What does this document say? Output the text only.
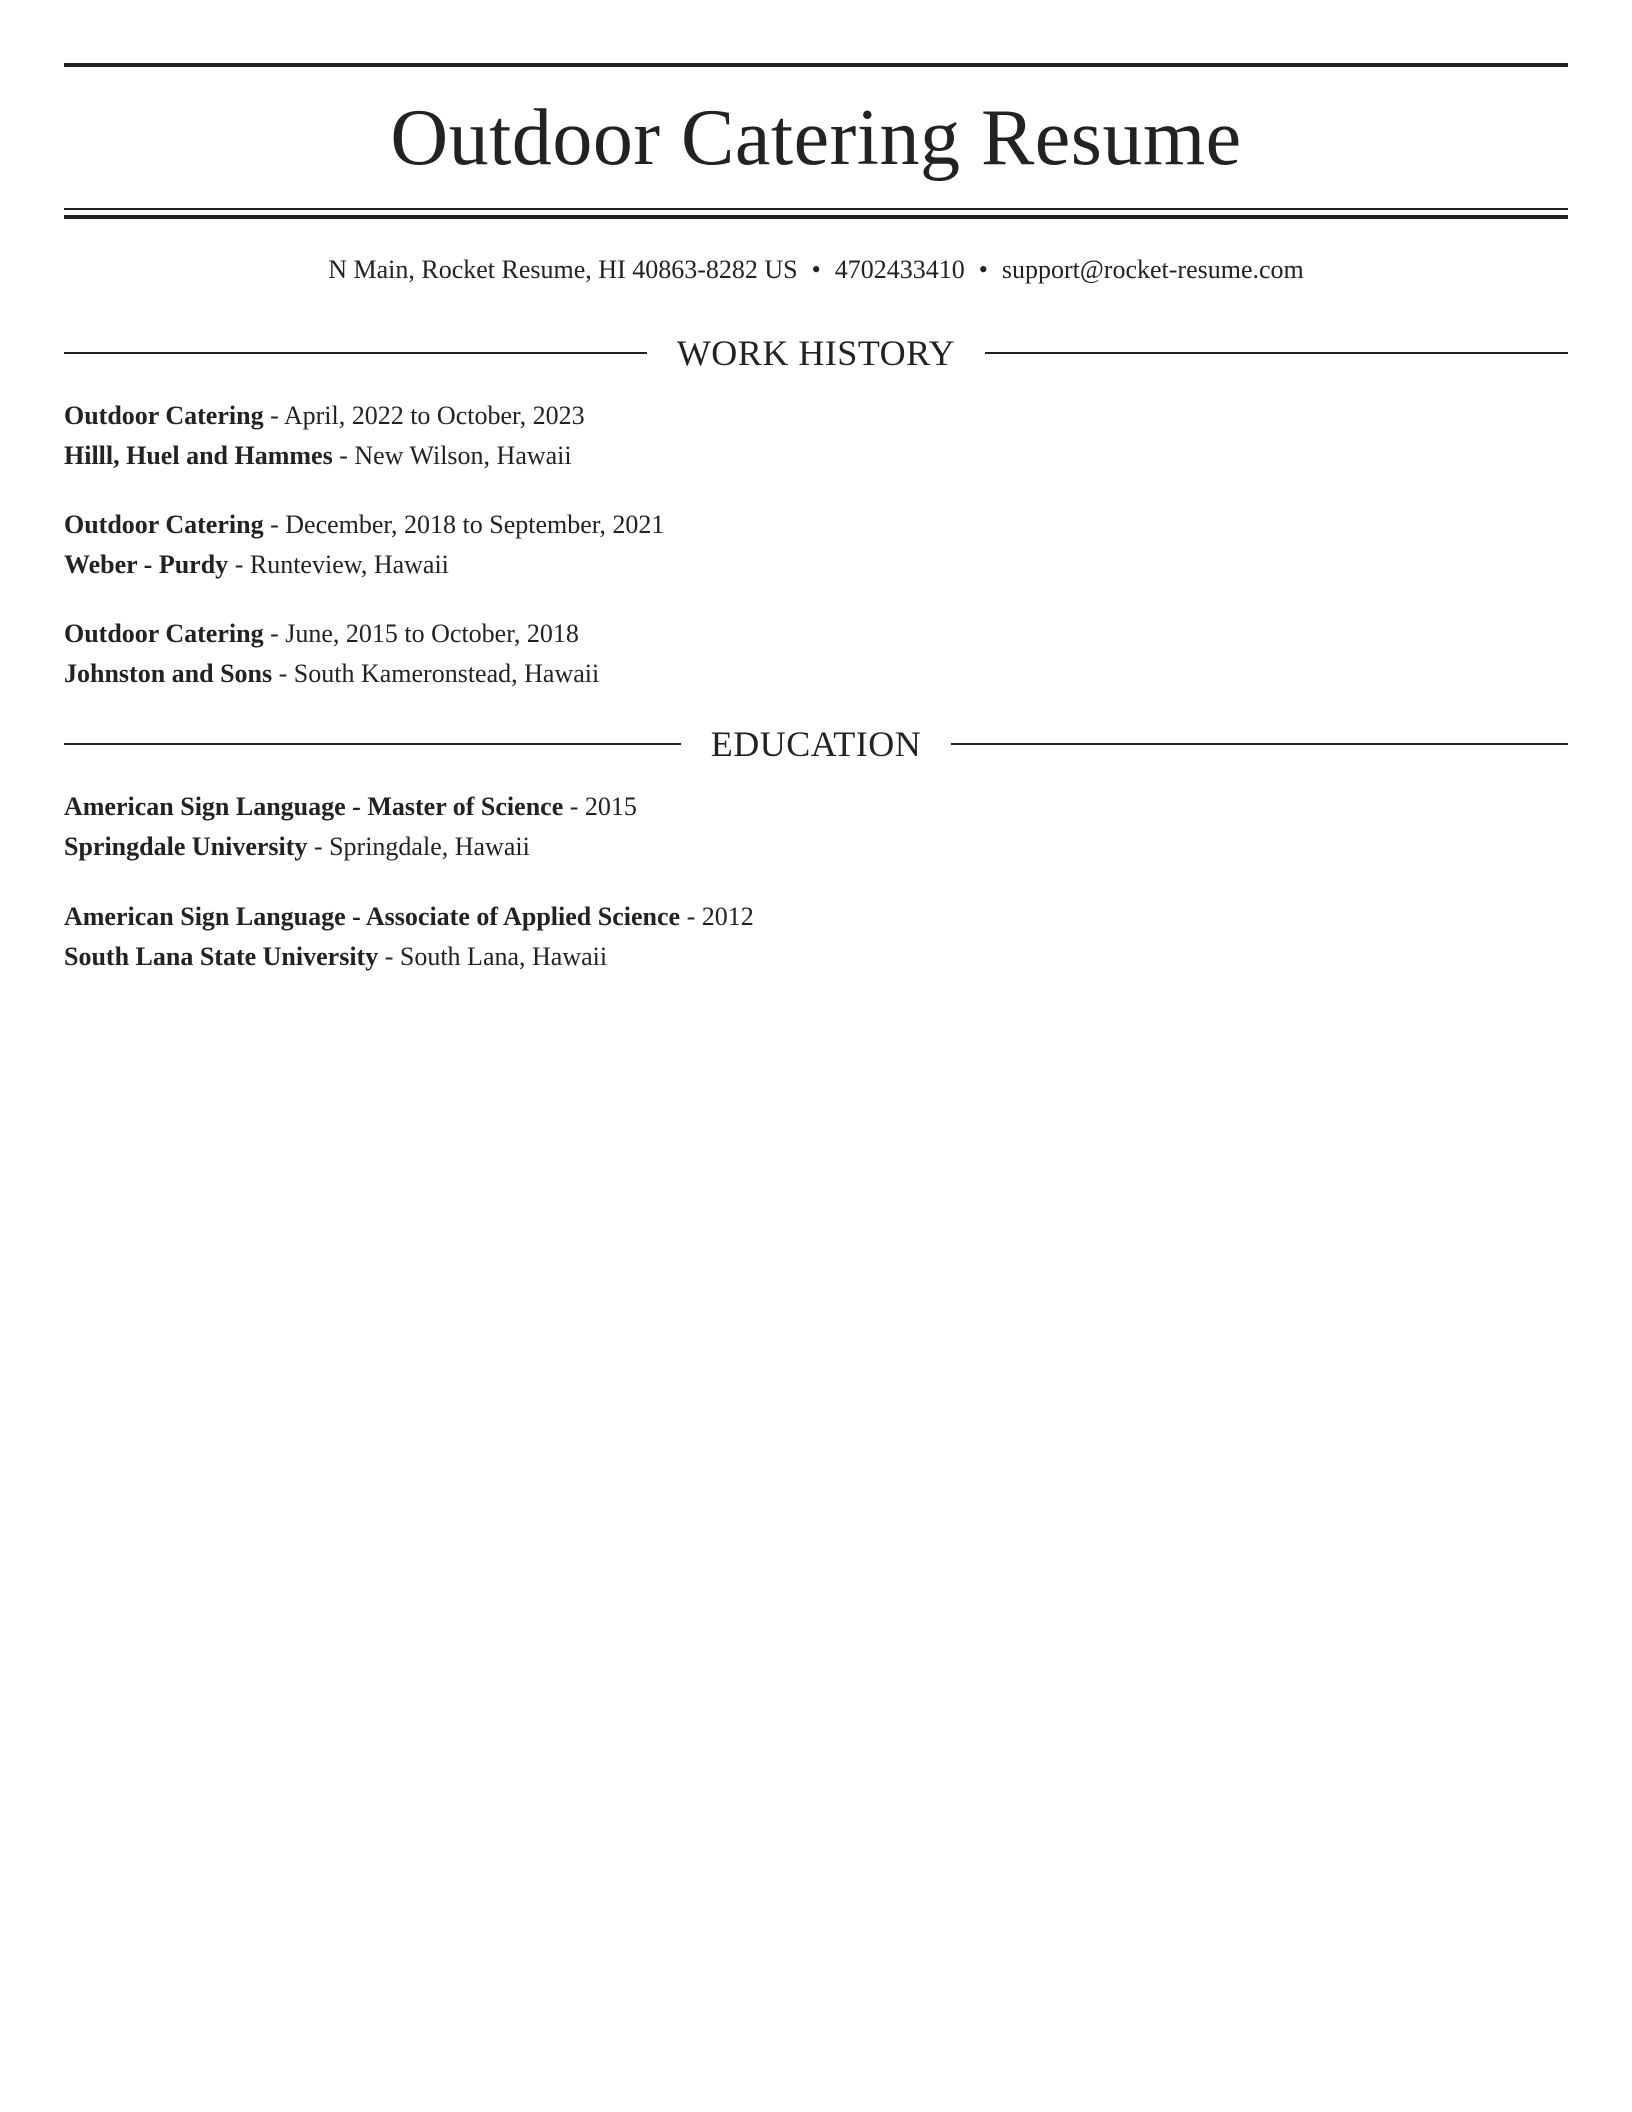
Outdoor Catering Resume
N Main, Rocket Resume, HI 40863-8282 US • 4702433410 • support@rocket-resume.com
WORK HISTORY
Outdoor Catering - April, 2022 to October, 2023
Hilll, Huel and Hammes - New Wilson, Hawaii
Outdoor Catering - December, 2018 to September, 2021
Weber - Purdy - Runteview, Hawaii
Outdoor Catering - June, 2015 to October, 2018
Johnston and Sons - South Kameronstead, Hawaii
EDUCATION
American Sign Language - Master of Science - 2015
Springdale University - Springdale, Hawaii
American Sign Language - Associate of Applied Science - 2012
South Lana State University - South Lana, Hawaii
